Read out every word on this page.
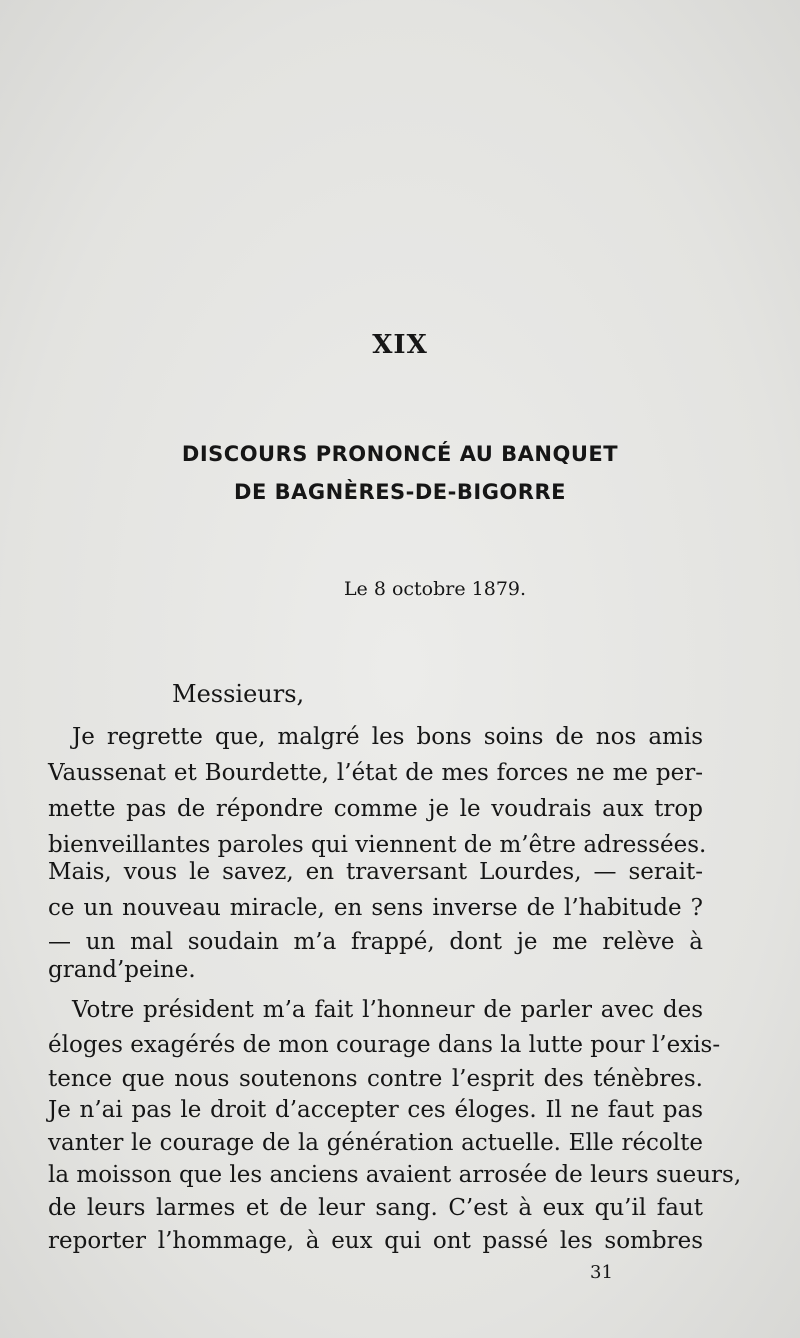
XIX
DISCOURS PRONONCÉ AU BANQUET
DE BAGNÈRES-DE-BIGORRE
Le 8 octobre 1879.
Messieurs,
Je regrette que, malgré les bons soins de nos amis
Vaussenat et Bourdette, l’état de mes forces ne me per-
mette pas de répondre comme je le voudrais aux trop
bienveillantes paroles qui viennent de m’être adressées.
Mais, vous le savez, en traversant Lourdes, — serait-
ce un nouveau miracle, en sens inverse de l’habitude ?
— un mal soudain m’a frappé, dont je me relève à
grand’peine.
Votre président m’a fait l’honneur de parler avec des
éloges exagérés de mon courage dans la lutte pour l’exis-
tence que nous soutenons contre l’esprit des ténèbres.
Je n’ai pas le droit d’accepter ces éloges. Il ne faut pas
vanter le courage de la génération actuelle. Elle récolte
la moisson que les anciens avaient arrosée de leurs sueurs,
de leurs larmes et de leur sang. C’est à eux qu’il faut
reporter l’hommage, à eux qui ont passé les sombres
31
